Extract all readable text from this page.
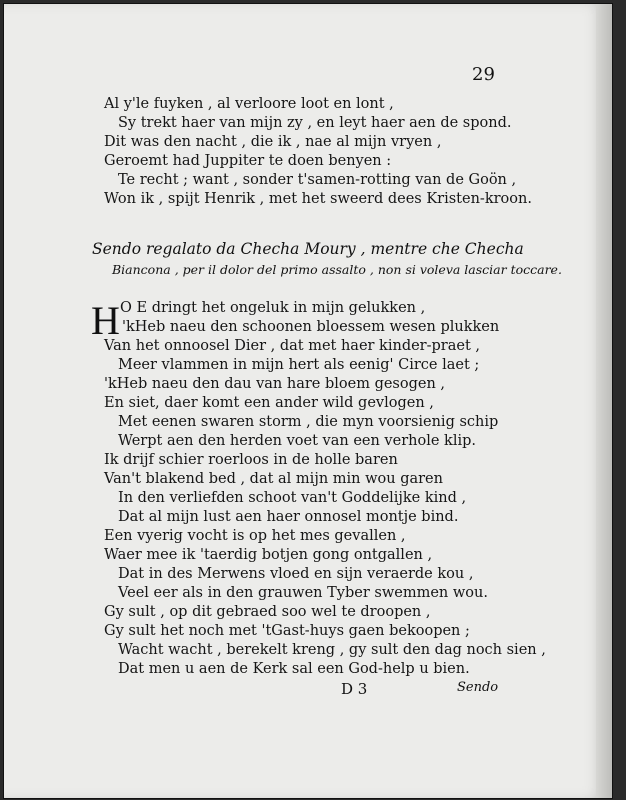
29
Al y'le fuyken , al verloore loot en lont ,
Sy trekt haer van mijn zy , en leyt haer aen de spond.
Dit was den nacht , die ik , nae al mijn vryen ,
Geroemt had Juppiter te doen benyen :
Te recht ; want , sonder t'samen-rotting van de Goön ,
Won ik , spijt Henrik , met het sweerd dees Kristen-kroon.
Sendo regalato da Checha Moury , mentre che Checha
Biancona , per il dolor del primo assalto , non si voleva lasciar toccare.
H O E dringt het ongeluk in mijn gelukken ,
'kHeb naeu den schoonen bloessem wesen plukken
Van het onnoosel Dier , dat met haer kinder-praet ,
Meer vlammen in mijn hert als eenig' Circe laet ;
'kHeb naeu den dau van hare bloem gesogen ,
En siet, daer komt een ander wild gevlogen ,
Met eenen swaren storm , die myn voorsienig schip
Werpt aen den herden voet van een verhole klip.
Ik drijf schier roerloos in de holle baren
Van't blakend bed , dat al mijn min wou garen
In den verliefden schoot van't Goddelijke kind ,
Dat al mijn lust aen haer onnosel montje bind.
Een vyerig vocht is op het mes gevallen ,
Waer mee ik 'taerdig botjen gong ontgallen ,
Dat in des Merwens vloed en sijn veraerde kou ,
Veel eer als in den grauwen Tyber swemmen wou.
Gy sult , op dit gebraed soo wel te droopen ,
Gy sult het noch met 'tGast-huys gaen bekoopen ;
Wacht wacht , berekelt kreng , gy sult den dag noch sien ,
Dat men u aen de Kerk sal een God-help u bien.
D 3	Sendo
